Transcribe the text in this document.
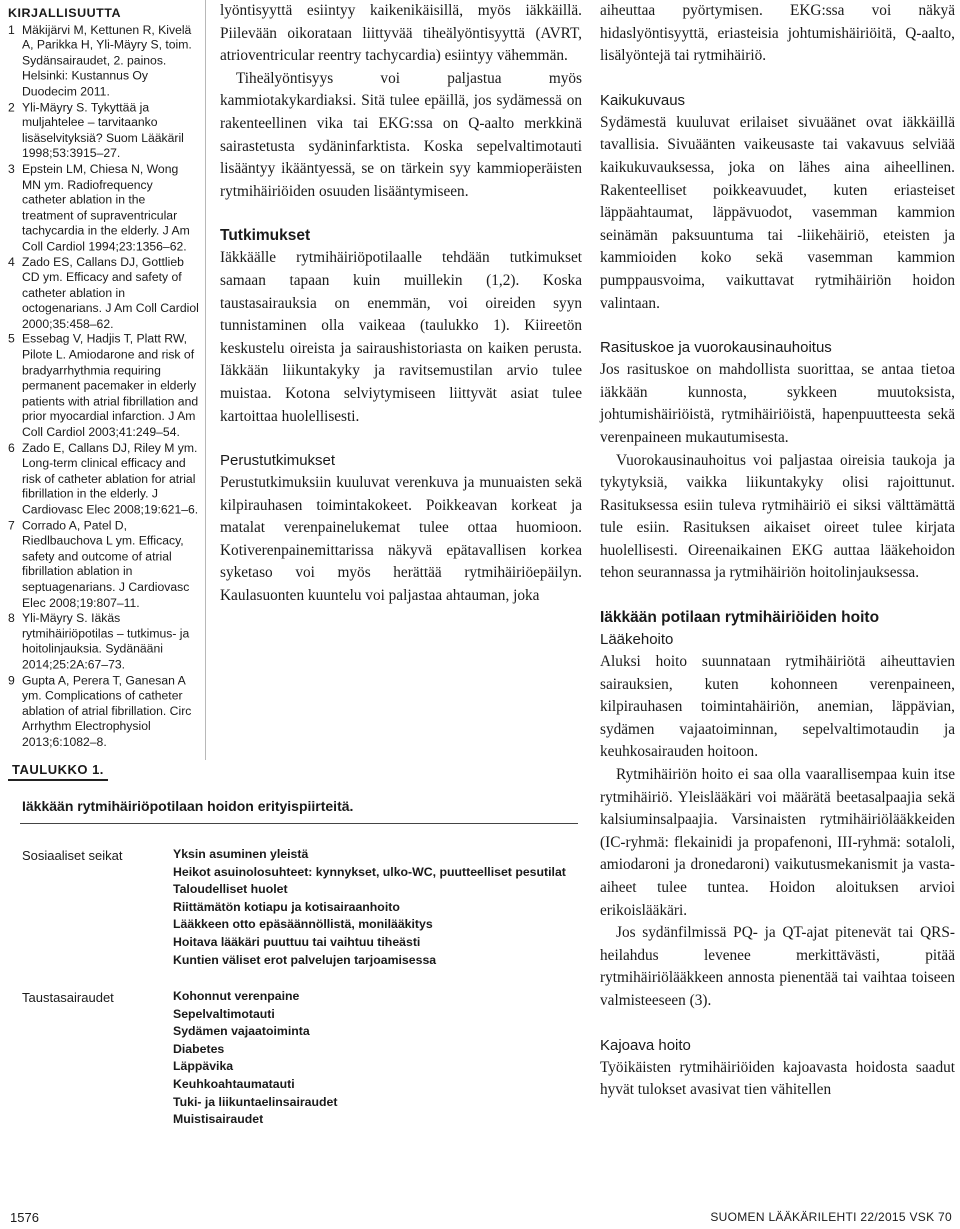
KIRJALLISUUTTA
1 Mäkijärvi M, Kettunen R, Kivelä A, Parikka H, Yli-Mäyry S, toim. Sydänsairaudet, 2. painos. Helsinki: Kustannus Oy Duodecim 2011.
2 Yli-Mäyry S. Tykyttää ja muljahtelee – tarvitaanko lisäselvityksiä? Suom Lääkäril 1998;53:3915–27.
3 Epstein LM, Chiesa N, Wong MN ym. Radiofrequency catheter ablation in the treatment of supraventricular tachycardia in the elderly. J Am Coll Cardiol 1994;23:1356–62.
4 Zado ES, Callans DJ, Gottlieb CD ym. Efficacy and safety of catheter ablation in octogenarians. J Am Coll Cardiol 2000;35:458–62.
5 Essebag V, Hadjis T, Platt RW, Pilote L. Amiodarone and risk of bradyarrhythmia requiring permanent pacemaker in elderly patients with atrial fibrillation and prior myocardial infarction. J Am Coll Cardiol 2003;41:249–54.
6 Zado E, Callans DJ, Riley M ym. Long-term clinical efficacy and risk of catheter ablation for atrial fibrillation in the elderly. J Cardiovasc Elec 2008;19:621–6.
7 Corrado A, Patel D, Riedlbauchova L ym. Efficacy, safety and outcome of atrial fibrillation ablation in septuagenarians. J Cardiovasc Elec 2008;19:807–11.
8 Yli-Mäyry S. Iäkäs rytmihäiriöpotilas – tutkimus- ja hoitolinjauksia. Sydänääni 2014;25:2A:67–73.
9 Gupta A, Perera T, Ganesan A ym. Complications of catheter ablation of atrial fibrillation. Circ Arrhythm Electrophysiol 2013;6:1082–8.

lyöntisyyttä esiintyy kaikenikäisillä, myös iäkkäillä. Piilevään oikorataan liittyvää tiheälyöntisyyttä (AVRT, atrioventricular reentry tachycardia) esiintyy vähemmän.

Tiheälyöntisyys voi paljastua myös kammiotakykardiaksi. Sitä tulee epäillä, jos sydämessä on rakenteellinen vika tai EKG:ssa on Q-aalto merkkinä sairastetusta sydäninfarktista. Koska sepelvaltimotauti lisääntyy ikääntyessä, se on tärkein syy kammioperäisten rytmihäiriöiden osuuden lisääntymiseen.

Tutkimukset

Iäkkäälle rytmihäiriöpotilaalle tehdään tutkimukset samaan tapaan kuin muillekin (1,2). Koska taustasairauksia on enemmän, voi oireiden syyn tunnistaminen olla vaikeaa (taulukko 1). Kiireetön keskustelu oireista ja sairaushistoriasta on kaiken perusta. Iäkkään liikuntakyky ja ravitsemustilan arvio tulee muistaa. Kotona selviytymiseen liittyvät asiat tulee kartoittaa huolellisesti.

Perustutkimukset

Perustutkimuksiin kuuluvat verenkuva ja munuaisten sekä kilpirauhasen toimintakokeet. Poikkeavan korkeat ja matalat verenpainelukemat tulee ottaa huomioon. Kotiverenpainemittarissa näkyvä epätavallisen korkea syketaso voi myös herättää rytmihäiriöepäilyn. Kaulasuonten kuuntelu voi paljastaa ahtauman, joka

aiheuttaa pyörtymisen. EKG:ssa voi näkyä hidaslyöntisyyttä, eriasteisia johtumishäiriöitä, Q-aalto, lisälyöntejä tai rytmihäiriö.

Kaikukuvaus

Sydämestä kuuluvat erilaiset sivuäänet ovat iäkkäillä tavallisia. Sivuäänten vaikeusaste tai vakavuus selviää kaikukuvauksessa, joka on lähes aina aiheellinen. Rakenteelliset poikkeavuudet, kuten eriasteiset läppäahtaumat, läppävuodot, vasemman kammion seinämän paksuuntuma tai -liikehäiriö, eteisten ja kammioiden koko sekä vasemman kammion pumppausvoima, vaikuttavat rytmihäiriön hoidon valintaan.

Rasituskoe ja vuorokausinauhoitus

Jos rasituskoe on mahdollista suorittaa, se antaa tietoa iäkkään kunnosta, sykkeen muutoksista, johtumishäiriöistä, rytmihäiriöistä, hapenpuutteesta sekä verenpaineen mukautumisesta.

Vuorokausinauhoitus voi paljastaa oireisia taukoja ja tykytyksiä, vaikka liikuntakyky olisi rajoittunut. Rasituksessa esiin tuleva rytmihäiriö ei siksi välttämättä tule esiin. Rasituksen aikaiset oireet tulee kirjata huolellisesti. Oireenaikainen EKG auttaa lääkehoidon tehon seurannassa ja rytmihäiriön hoitolinjauksessa.

Iäkkään potilaan rytmihäiriöiden hoito
Lääkehoito

Aluksi hoito suunnataan rytmihäiriötä aiheuttavien sairauksien, kuten kohonneen verenpaineen, kilpirauhasen toimintahäiriön, anemian, läppävian, sydämen vajaatoiminnan, sepelvaltimotaudin ja keuhkosairauden hoitoon.

Rytmihäiriön hoito ei saa olla vaarallisempaa kuin itse rytmihäiriö. Yleislääkäri voi määrätä beetasalpaajia sekä kalsiuminsalpaajia. Varsinaisten rytmihäiriölääkkeiden (IC-ryhmä: flekainidi ja propafenoni, III-ryhmä: sotaloli, amiodaroni ja dronedaroni) vaikutusmekanismit ja vasta-aiheet tulee tuntea. Hoidon aloituksen arvioi erikoislääkäri.

Jos sydänfilmissä PQ- ja QT-ajat pitenevät tai QRS-heilahdus levenee merkittävästi, pitää rytmihäiriölääkkeen annosta pienentää tai vaihtaa toiseen valmisteeseen (3).

Kajoava hoito

Työikäisten rytmihäiriöiden kajoavasta hoidosta saadut hyvät tulokset avasivat tien vähitellen

TAULUKKO 1.
Iäkkään rytmihäiriöpotilaan hoidon erityispiirteitä.
Sosiaaliset seikat	Yksin asuminen yleistä
Heikot asuinolosuhteet: kynnykset, ulko-WC, puutteelliset pesutilat
Taloudelliset huolet
Riittämätön kotiapu ja kotisairaanhoito
Lääkkeen otto epäsäännöllistä, monilääkitys
Hoitava lääkäri puuttuu tai vaihtuu tiheästi
Kuntien väliset erot palvelujen tarjoamisessa
Taustasairaudet	Kohonnut verenpaine
Sepelvaltimotauti
Sydämen vajaatoiminta
Diabetes
Läppävika
Keuhkoahtaumatauti
Tuki- ja liikuntaelinsairaudet
Muistisairaudet
1576	SUOMEN LÄÄKÄRILEHTI 22/2015 VSK 70
